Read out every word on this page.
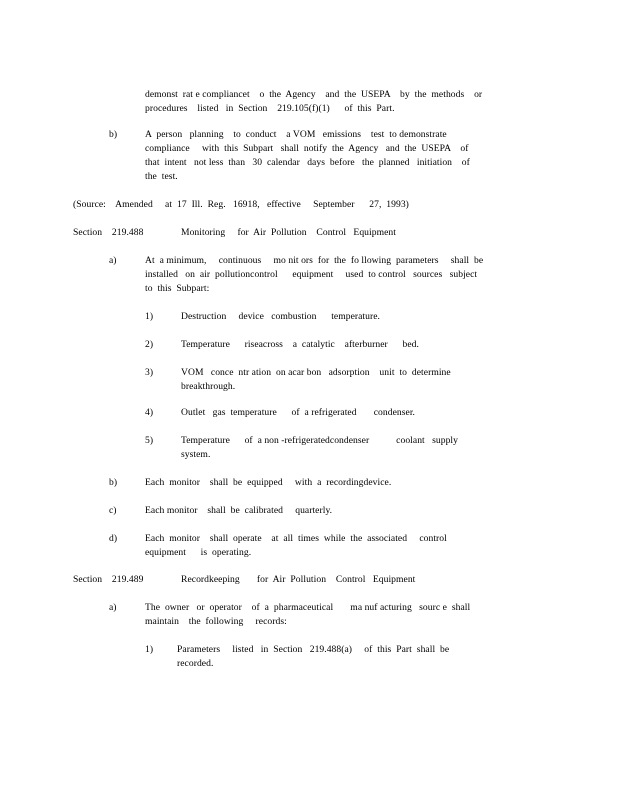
demonst  rat e compliancet    o  the  Agency    and  the  USEPA    by  the  methods    or
procedures    listed   in  Section    219.105(f)(1)      of  this  Part.
b)	A  person   planning    to  conduct    a VOM   emissions    test  to demonstrate
compliance     with  this  Subpart   shall  notify  the  Agency   and  the  USEPA    of
that  intent   not less  than   30  calendar   days  before   the  planned   initiation    of
the  test.
(Source:    Amended     at  17  Ill.  Reg.   16918,   effective     September      27,  1993)
Section    219.488	Monitoring     for  Air  Pollution    Control   Equipment
a)	At  a minimum,     continuous     mo nit ors  for  the  fo llowing  parameters     shall  be
installed   on  air  pollutioncontrol      equipment     used  to control   sources   subject
to  this  Subpart:
1)	Destruction     device   combustion      temperature.
2)	Temperature      riseacross    a  catalytic    afterburner      bed.
3)	VOM   conce  ntr ation  on acar bon   adsorption    unit  to  determine
breakthrough.
4)	Outlet   gas  temperature      of  a refrigerated       condenser.
5)	Temperature      of  a non -refrigeratedcondenser           coolant   supply
system.
b)	Each  monitor    shall  be  equipped     with  a  recordingdevice.
c)	Each monitor    shall  be  calibrated     quarterly.
d)	Each  monitor    shall  operate    at  all  times  while  the  associated     control
equipment      is  operating.
Section    219.489	Recordkeeping       for  Air  Pollution    Control   Equipment
a)	The  owner   or  operator    of  a  pharmaceutical       ma nuf acturing   sourc e  shall
maintain    the  following     records:
1) Parameters     listed   in  Section   219.488(a)     of  this  Part  shall  be
recorded.
